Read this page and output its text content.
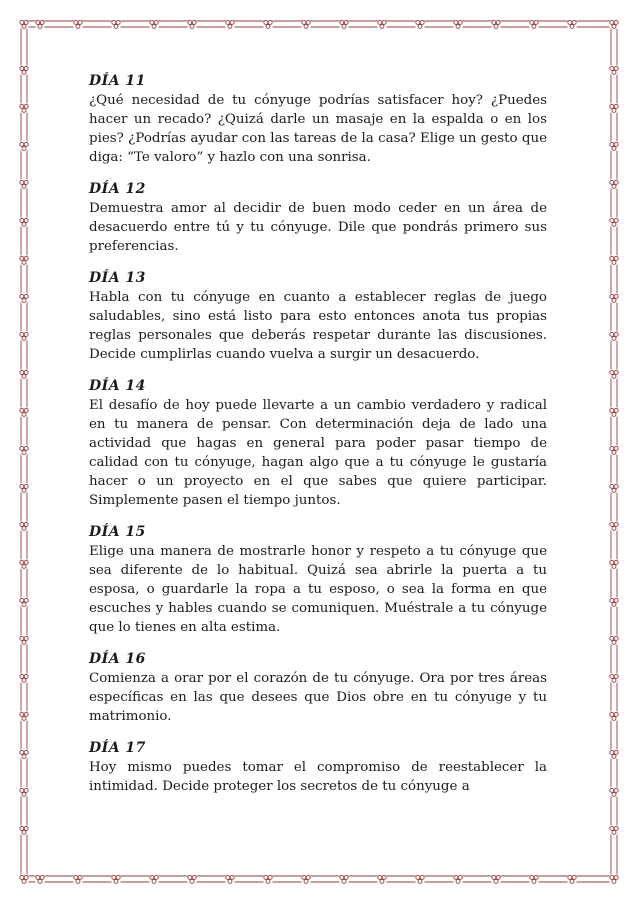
DÍA 11
¿Qué necesidad de tu cónyuge podrías satisfacer hoy? ¿Puedes hacer un recado? ¿Quizá darle un masaje en la espalda o en los pies? ¿Podrías ayudar con las tareas de la casa? Elige un gesto que diga: “Te valoro” y hazlo con una sonrisa.
DÍA 12
Demuestra amor al decidir de buen modo ceder en un área de desacuerdo entre tú y tu cónyuge. Dile que pondrás primero sus preferencias.
DÍA 13
Habla con tu cónyuge en cuanto a establecer reglas de juego saludables, sino está listo para esto entonces anota tus propias reglas personales que deberás respetar durante las discusiones. Decide cumplirlas cuando vuelva a surgir un desacuerdo.
DÍA 14
El desafío de hoy puede llevarte a un cambio verdadero y radical en tu manera de pensar. Con determinación deja de lado una actividad que hagas en general para poder pasar tiempo de calidad con tu cónyuge, hagan algo que a tu cónyuge le gustaría hacer o un proyecto en el que sabes que quiere participar. Simplemente pasen el tiempo juntos.
DÍA 15
Elige una manera de mostrarle honor y respeto a tu cónyuge que sea diferente de lo habitual. Quizá sea abrirle la puerta a tu esposa, o guardarle la ropa a tu esposo, o sea la forma en que escuches y hables cuando se comuniquen. Muéstrale a tu cónyuge que lo tienes en alta estima.
DÍA 16
Comienza a orar por el corazón de tu cónyuge. Ora por tres áreas específicas en las que desees que Dios obre en tu cónyuge y tu matrimonio.
DÍA 17
Hoy mismo puedes tomar el compromiso de reestablecer la intimidad. Decide proteger los secretos de tu cónyuge a
